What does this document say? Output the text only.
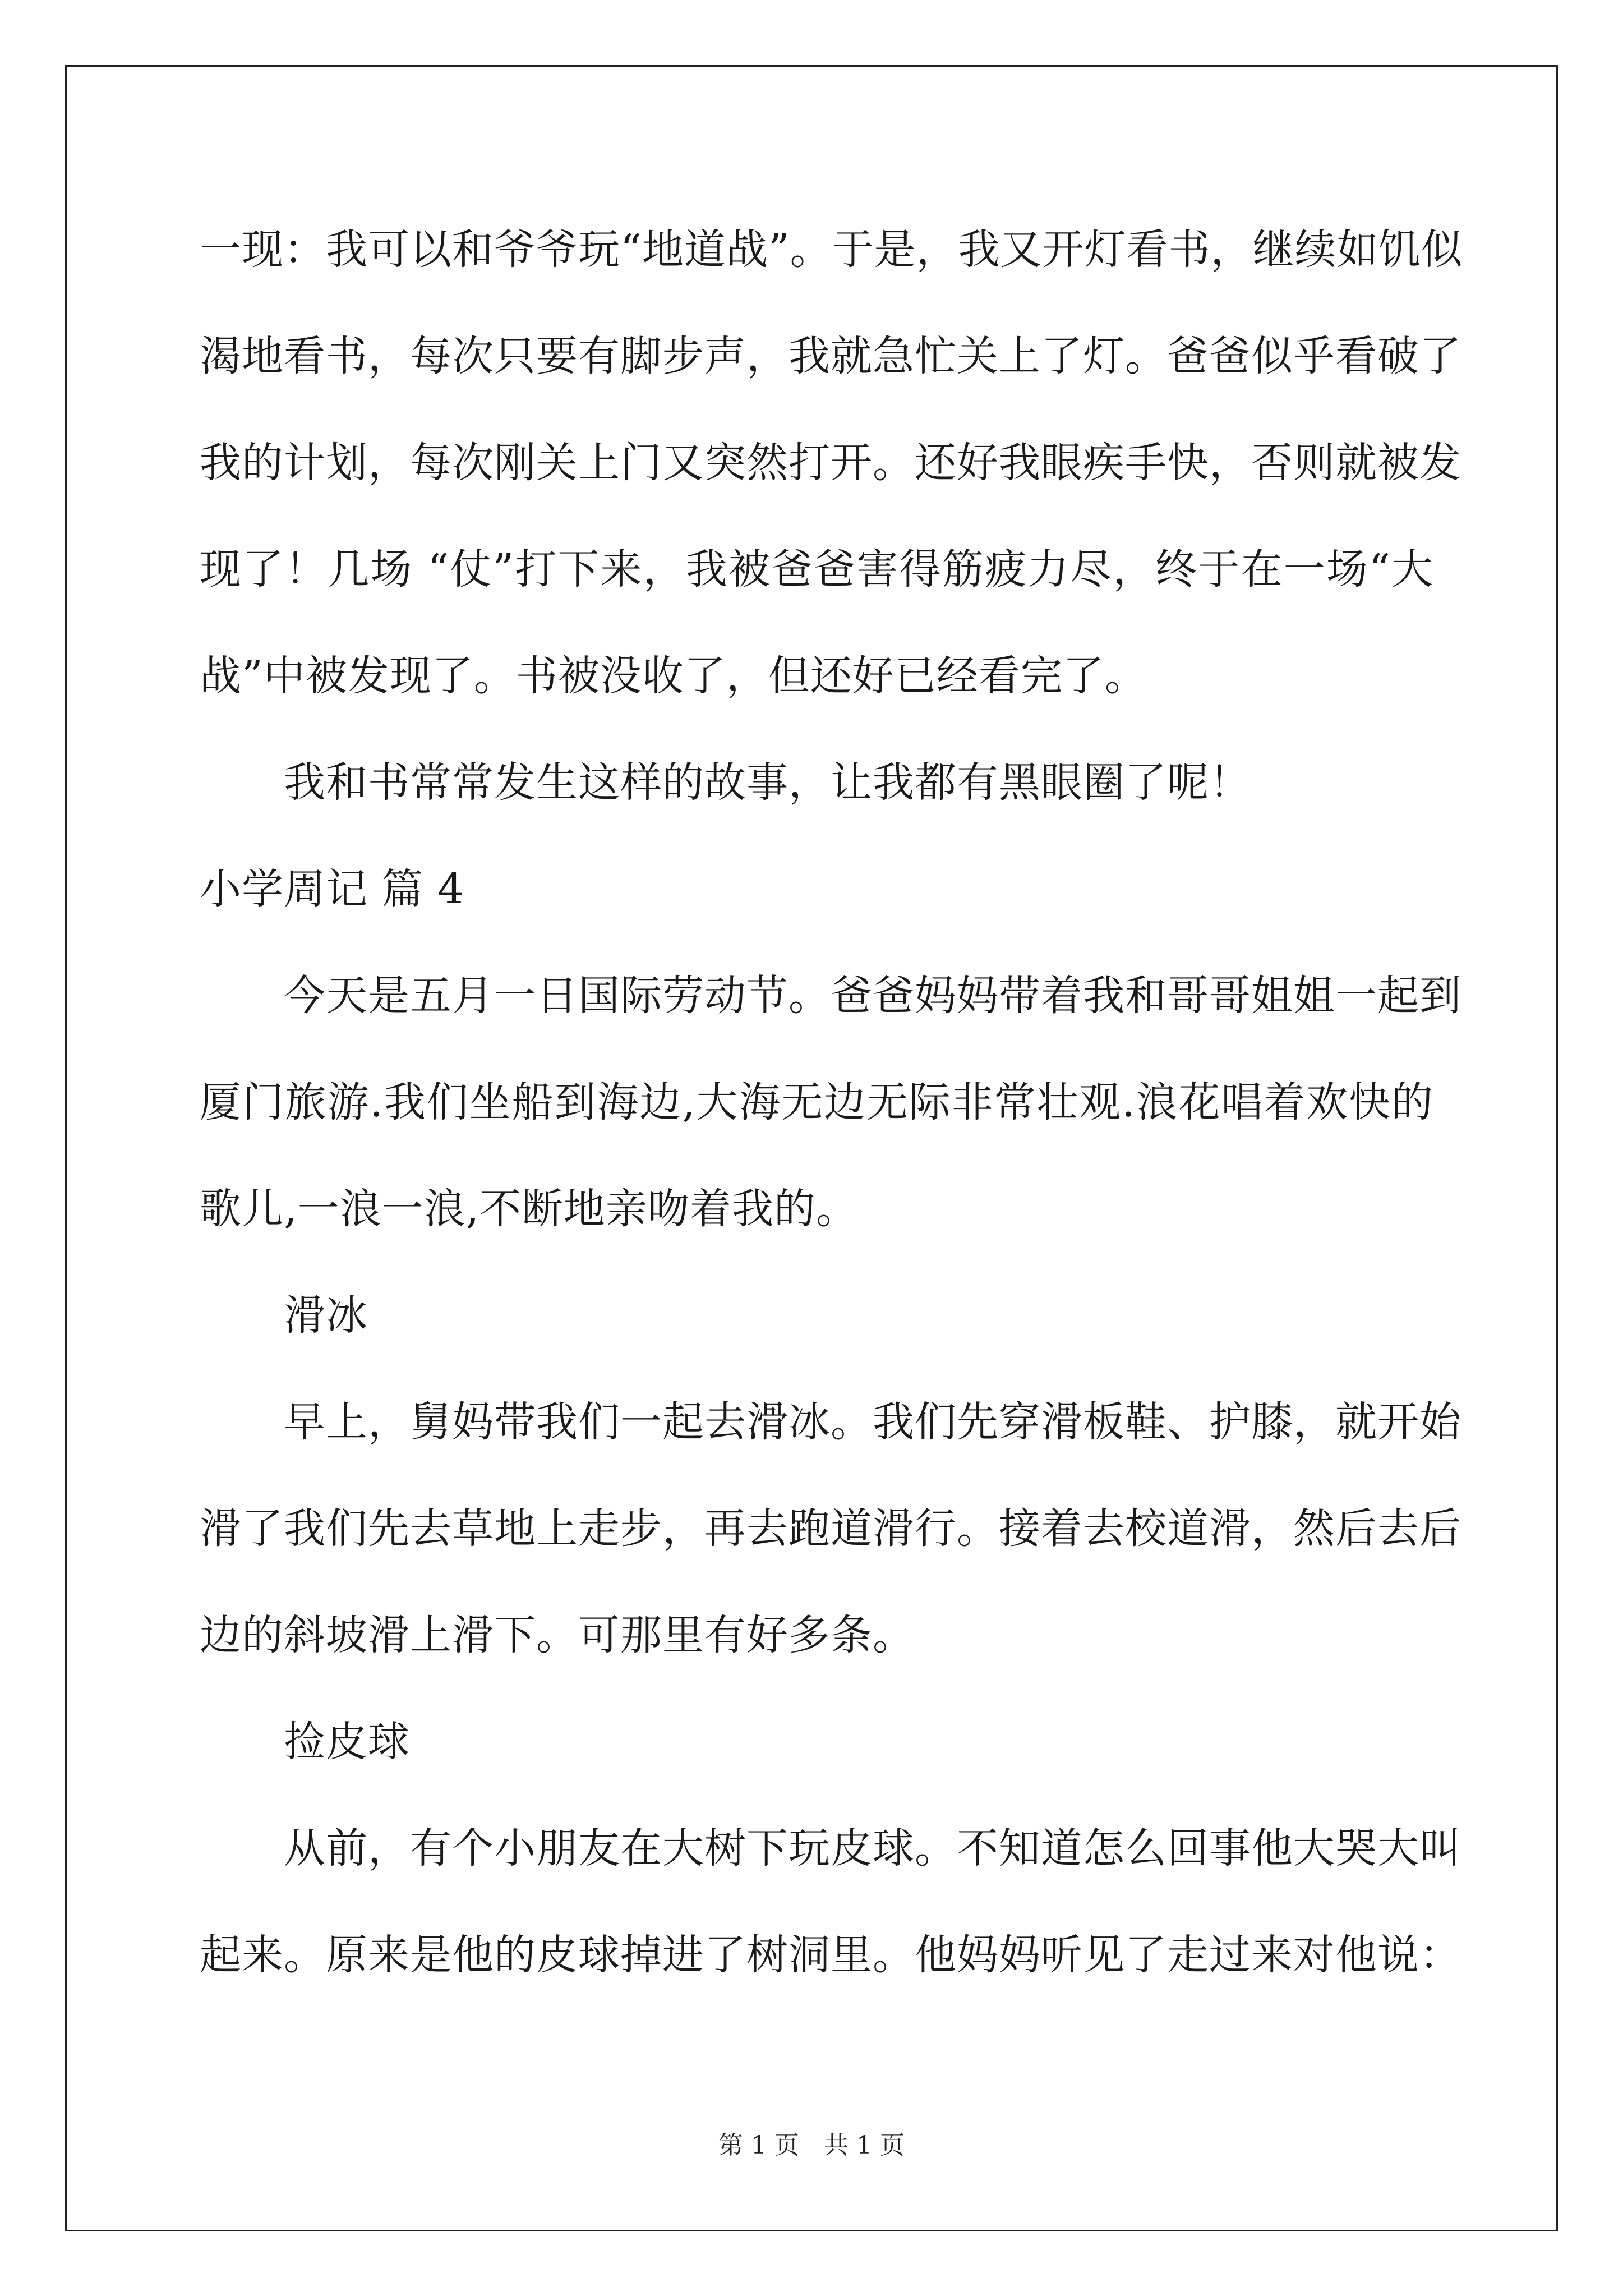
一现：我可以和爷爷玩“地道战”。于是，我又开灯看书，继续如饥似
渴地看书，每次只要有脚步声，我就急忙关上了灯。爸爸似乎看破了
我的计划，每次刚关上门又突然打开。还好我眼疾手快，否则就被发
现了！几场 “仗”打下来，我被爸爸害得筋疲力尽，终于在一场“大
战”中被发现了。书被没收了，但还好已经看完了。
我和书常常发生这样的故事，让我都有黑眼圈了呢！
小学周记 篇 4
今天是五月一日国际劳动节。爸爸妈妈带着我和哥哥姐姐一起到
厦门旅游.我们坐船到海边,大海无边无际非常壮观.浪花唱着欢快的
歌儿,一浪一浪,不断地亲吻着我的。
滑冰
早上，舅妈带我们一起去滑冰。我们先穿滑板鞋、护膝，就开始
滑了我们先去草地上走步，再去跑道滑行。接着去校道滑，然后去后
边的斜坡滑上滑下。可那里有好多条。
捡皮球
从前，有个小朋友在大树下玩皮球。不知道怎么回事他大哭大叫
起来。原来是他的皮球掉进了树洞里。他妈妈听见了走过来对他说：
第 1 页　共 1 页
